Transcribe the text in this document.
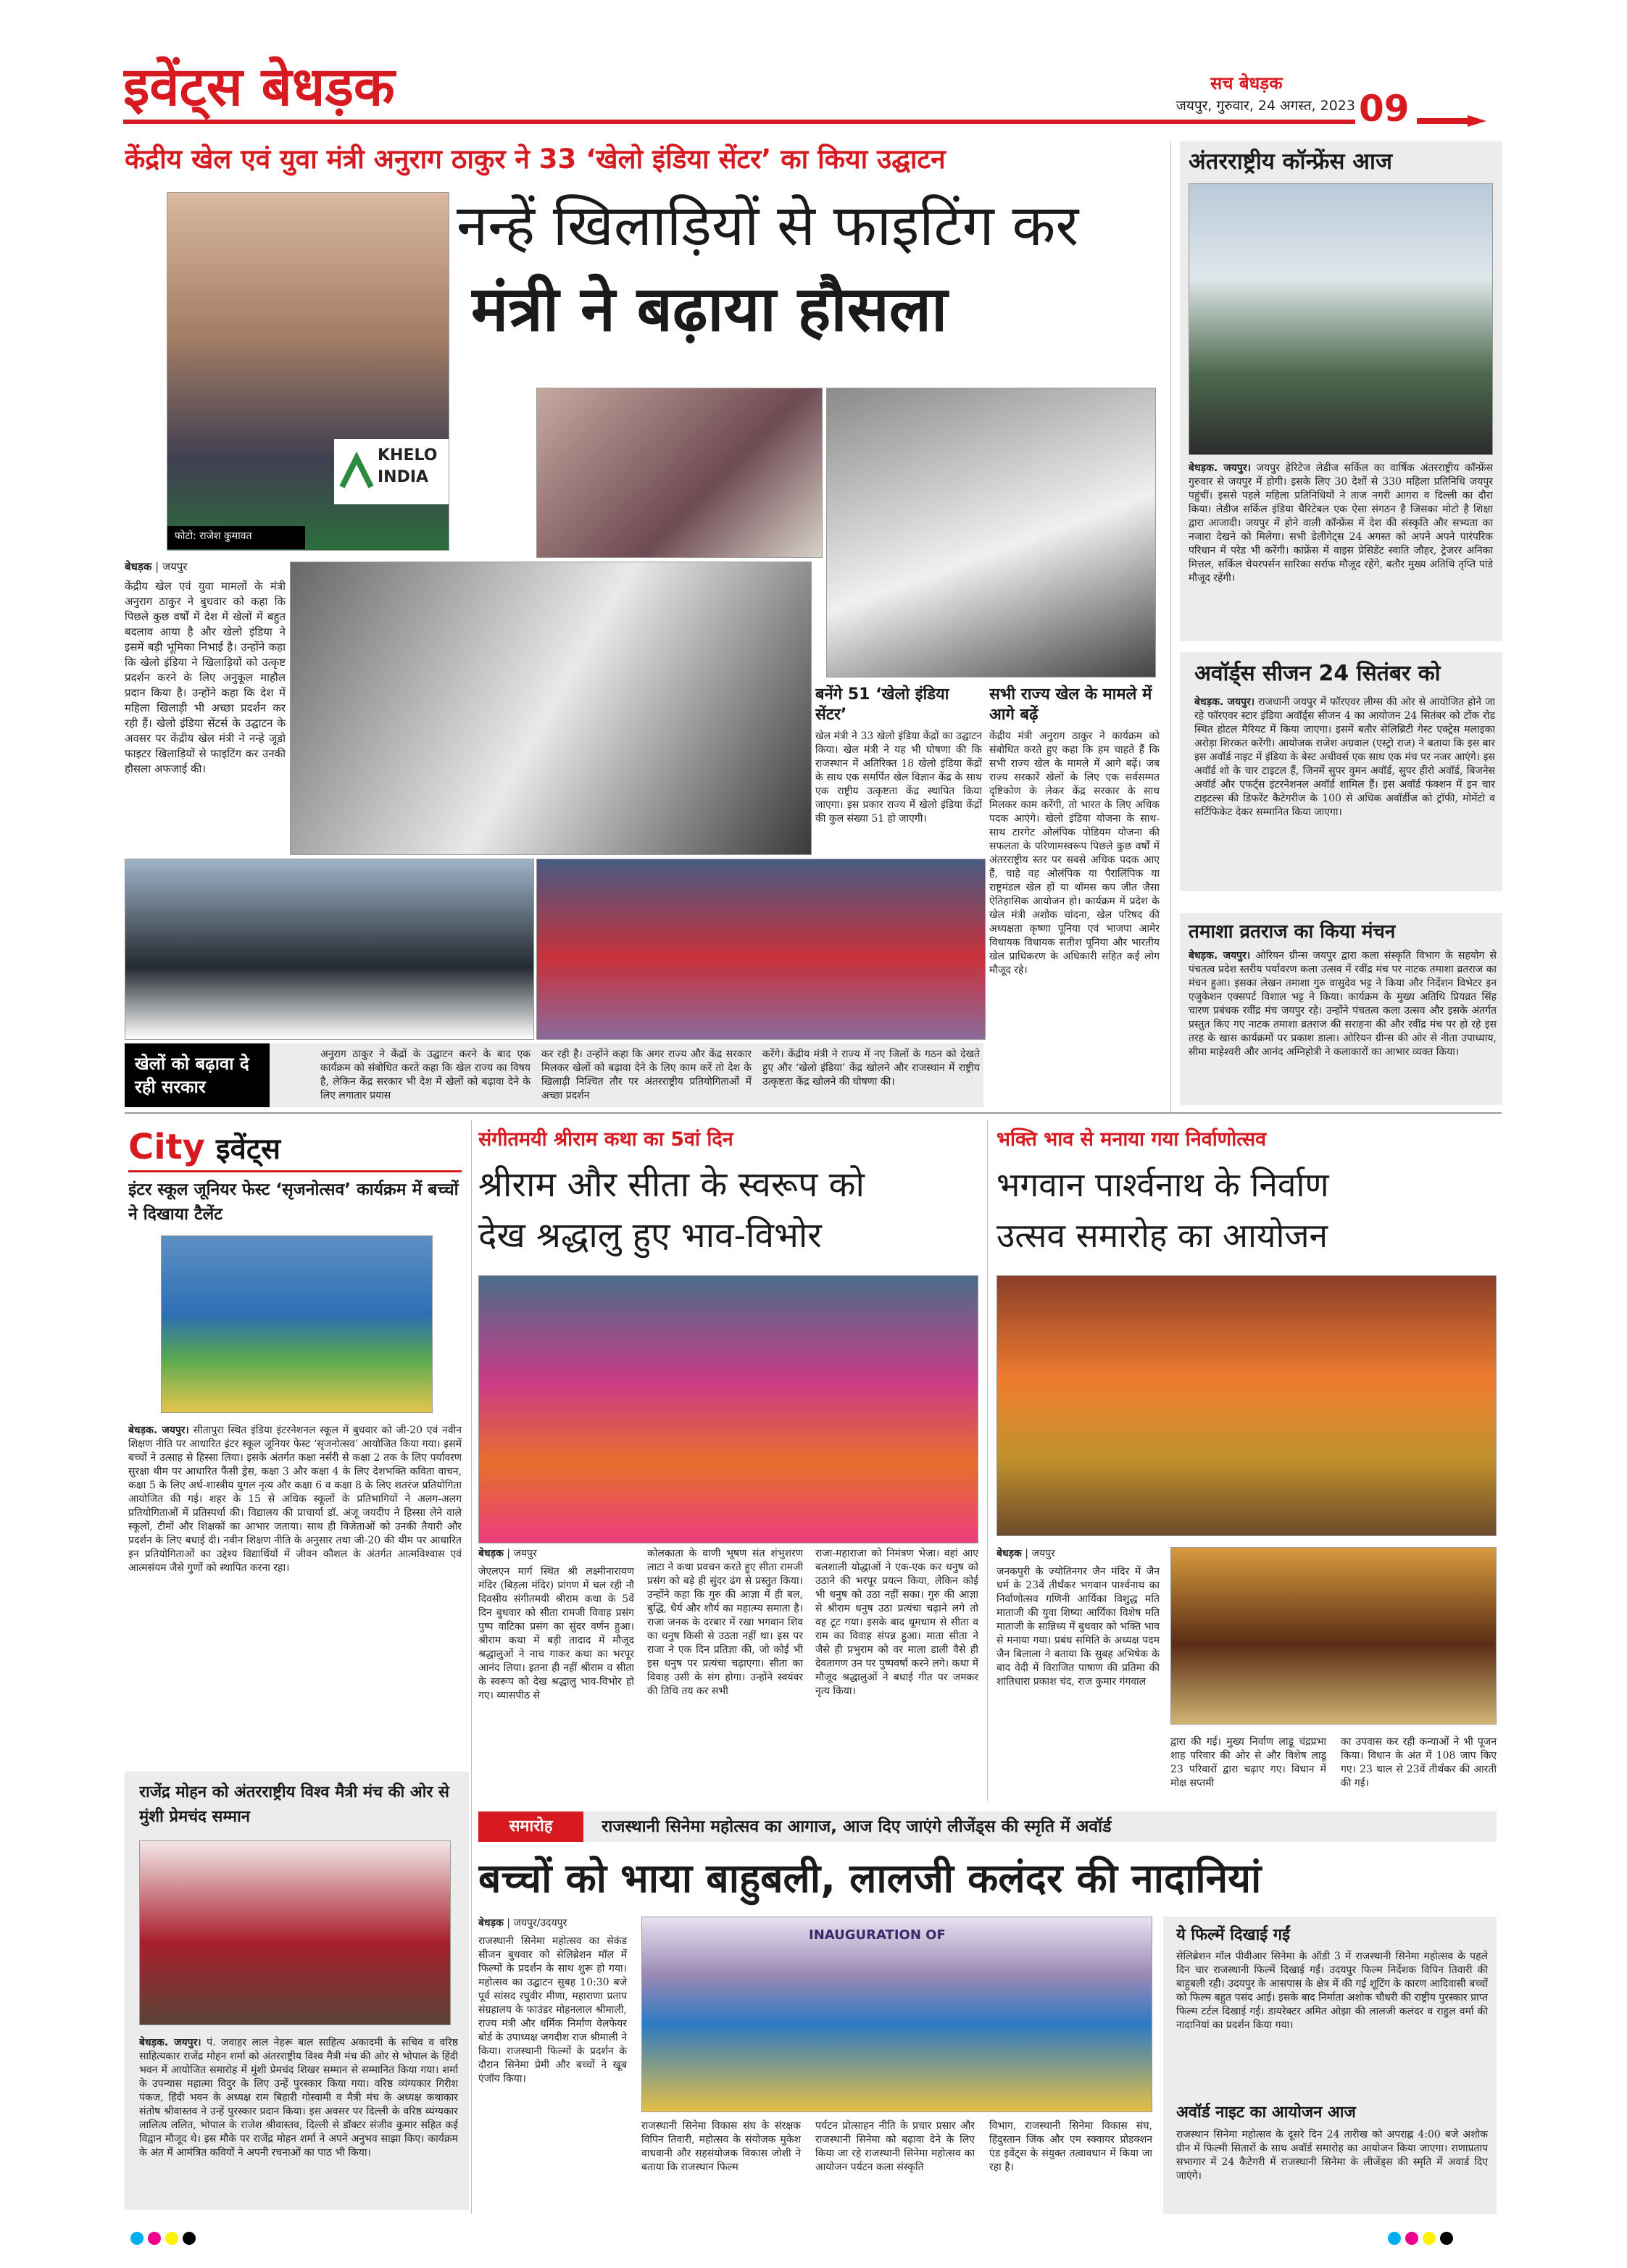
इवेंट्स बेधड़क	सच बेधड़क
जयपुर, गुरुवार, 24 अगस्त, 2023 09
केंद्रीय खेल एवं युवा मंत्री अनुराग ठाकुर ने 33 ‘खेलो इंडिया सेंटर’ का किया उद्घाटन
नन्हें खिलाड़ियों से फाइटिंग कर
मंत्री ने बढ़ाया हौसला
KHELO
INDIA
फोटो: राजेश कुमावत

बेधड़क | जयपुर

केंद्रीय खेल एवं युवा मामलों के मंत्री अनुराग ठाकुर ने बुधवार को कहा कि पिछले कुछ वर्षों में देश में खेलों में बहुत बदलाव आया है और खेलो इंडिया ने इसमें बड़ी भूमिका निभाई है। उन्होंने कहा कि खेलो इंडिया ने खिलाड़ियों को उत्कृष्ट प्रदर्शन करने के लिए अनुकूल माहौल प्रदान किया है। उन्होंने कहा कि देश में महिला खिलाड़ी भी अच्छा प्रदर्शन कर रही हैं। खेलो इंडिया सेंटर्स के उद्घाटन के अवसर पर केंद्रीय खेल मंत्री ने नन्हे जूडो फाइटर खिलाड़ियों से फाइटिंग कर उनकी हौसला अफजाई की।

बनेंगे 51 ‘खेलो इंडिया सेंटर’
खेल मंत्री ने 33 खेलो इंडिया केंद्रों का उद्घाटन किया। खेल मंत्री ने यह भी घोषणा की कि राजस्थान में अतिरिक्त 18 खेलो इंडिया केंद्रों के साथ एक समर्पित खेल विज्ञान केंद्र के साथ एक राष्ट्रीय उत्कृष्टता केंद्र स्थापित किया जाएगा। इस प्रकार राज्य में खेलो इंडिया केंद्रों की कुल संख्या 51 हो जाएगी।
सभी राज्य खेल के मामले में आगे बढ़ें
केंद्रीय मंत्री अनुराग ठाकुर ने कार्यक्रम को संबोधित करते हुए कहा कि हम चाहते हैं कि सभी राज्य खेल के मामले में आगे बढ़ें। जब राज्य सरकारें खेलों के लिए एक सर्वसम्मत दृष्टिकोण के लेकर केंद्र सरकार के साथ मिलकर काम करेंगी, तो भारत के लिए अधिक पदक आएंगे। खेलो इंडिया योजना के साथ-साथ टारगेट ओलंपिक पोडियम योजना की सफलता के परिणामस्वरूप पिछले कुछ वर्षों में अंतरराष्ट्रीय स्तर पर सबसे अधिक पदक आए हैं, चाहे वह ओलंपिक या पैरालिंपिक या राष्ट्रमंडल खेल हों या थॉमस कप जीत जैसा ऐतिहासिक आयोजन हो। कार्यक्रम में प्रदेश के खेल मंत्री अशोक चांदना, खेल परिषद की अध्यक्षता कृष्णा पूनिया एवं भाजपा आमेर विधायक विधायक सतीश पूनिया और भारतीय खेल प्राधिकरण के अधिकारी सहित कई लोग मौजूद रहे।
खेलों को बढ़ावा दे रही सरकार
अनुराग ठाकुर ने केंद्रों के उद्घाटन करने के बाद एक कार्यक्रम को संबोधित करते कहा कि खेल राज्य का विषय है, लेकिन केंद्र सरकार भी देश में खेलों को बढ़ावा देने के लिए लगातार प्रयास
कर रही है। उन्होंने कहा कि अगर राज्य और केंद्र सरकार मिलकर खेलों को बढ़ावा देने के लिए काम करें तो देश के खिलाड़ी निश्चित तौर पर अंतरराष्ट्रीय प्रतियोगिताओं में अच्छा प्रदर्शन
करेंगे। केंद्रीय मंत्री ने राज्य में नए जिलों के गठन को देखते हुए और ‘खेलो इंडिया’ केंद्र खोलने और राजस्थान में राष्ट्रीय उत्कृष्टता केंद्र खोलने की घोषणा की।
अंतरराष्ट्रीय कॉन्फ्रेंस आज
बेधड़क. जयपुर। जयपुर हेरिटेज लेडीज सर्किल का वार्षिक अंतरराष्ट्रीय कॉन्फ्रेंस गुरुवार से जयपुर में होगी। इसके लिए 30 देशों से 330 महिला प्रतिनिधि जयपुर पहुंचीं। इससे पहले महिला प्रतिनिधियों ने ताज नगरी आगरा व दिल्ली का दौरा किया। लेडीज सर्किल इंडिया चैरिटेबल एक ऐसा संगठन है जिसका मोटो है शिक्षा द्वारा आजादी। जयपुर में होने वाली कॉन्फ्रेंस में देश की संस्कृति और सभ्यता का नजारा देखने को मिलेगा। सभी डेलीगेट्स 24 अगस्त को अपने अपने पारंपरिक परिधान में परेड भी करेंगी। कांफ्रेंस में वाइस प्रेसिडेंट स्वाति जौहर, ट्रेजरर अनिका मित्तल, सर्किल चेयरपर्सन सारिका सर्राफ मौजूद रहेंगे, बतौर मुख्य अतिथि तृप्ति पांडे मौजूद रहेंगी।
अवॉर्ड्स सीजन 24 सितंबर को
बेधड़क. जयपुर। राजधानी जयपुर में फॉरएवर लीग्स की ओर से आयोजित होने जा रहे फॉरएवर स्टार इंडिया अवॉर्ड्स सीजन 4 का आयोजन 24 सितंबर को टोंक रोड स्थित होटल मैरियट में किया जाएगा। इसमें बतौर सेलिब्रिटी गेस्ट एक्ट्रेस मलाइका अरोड़ा शिरकत करेंगी। आयोजक राजेश अग्रवाल (एस्ट्रो राज) ने बताया कि इस बार इस अवॉर्ड नाइट में इंडिया के बेस्ट अचीवर्स एक साथ एक मंच पर नजर आएंगे। इस अवॉर्ड शो के चार टाइटल हैं, जिनमें सुपर वुमन अवॉर्ड, सुपर हीरो अवॉर्ड, बिजनेस अवॉर्ड और एफर्ट्स इंटरनेशनल अवॉर्ड शामिल हैं। इस अवॉर्ड फंक्शन में इन चार टाइटल्स की डिफरेंट कैटेगरीज के 100 से अधिक अवॉर्डीज को ट्रॉफी, मोमेंटो व सर्टिफिकेट देकर सम्मानित किया जाएगा।
तमाशा व्रतराज का किया मंचन
बेधड़क. जयपुर। ओरियन ग्रीन्स जयपुर द्वारा कला संस्कृति विभाग के सहयोग से पंचतत्व प्रदेश स्तरीय पर्यावरण कला उत्सव में रवींद्र मंच पर नाटक तमाशा व्रतराज का मंचन हुआ। इसका लेखन तमाशा गुरु वासुदेव भट्ट ने किया और निर्देशन विभेटर इन एजुकेशन एक्सपर्ट विशाल भट्ट ने किया। कार्यक्रम के मुख्य अतिथि प्रियव्रत सिंह चारण प्रबंधक रवींद्र मंच जयपुर रहे। उन्होंने पंचतत्व कला उत्सव और इसके अंतर्गत प्रस्तुत किए गए नाटक तमाशा व्रतराज की सराहना की और रवींद्र मंच पर हो रहे इस तरह के खास कार्यक्रमों पर प्रकाश डाला। ओरियन ग्रीन्स की ओर से नीता उपाध्याय, सीमा माहेश्वरी और आनंद अग्निहोत्री ने कलाकारों का आभार व्यक्त किया।
City इवेंट्स
इंटर स्कूल जूनियर फेस्ट ‘सृजनोत्सव’ कार्यक्रम में बच्चों ने दिखाया टैलेंट
बेधड़क. जयपुर। सीतापुरा स्थित इंडिया इंटरनेशनल स्कूल में बुधवार को जी-20 एवं नवीन शिक्षण नीति पर आधारित इंटर स्कूल जूनियर फेस्ट ‘सृजनोत्सव’ आयोजित किया गया। इसमें बच्चों ने उत्साह से हिस्सा लिया। इसके अंतर्गत कक्षा नर्सरी से कक्षा 2 तक के लिए पर्यावरण सुरक्षा थीम पर आधारित फैंसी ड्रेस, कक्षा 3 और कक्षा 4 के लिए देशभक्ति कविता वाचन, कक्षा 5 के लिए अर्ध-शास्त्रीय युगल नृत्य और कक्षा 6 व कक्षा 8 के लिए शतरंज प्रतियोगिता आयोजित की गई। शहर के 15 से अधिक स्कूलों के प्रतिभागियों ने अलग-अलग प्रतियोगिताओं में प्रतिस्पर्धा की। विद्यालय की प्राचार्या डॉ. अंजू जयदीप ने हिस्सा लेने वाले स्कूलों, टीमों और शिक्षकों का आभार जताया। साथ ही विजेताओं को उनकी तैयारी और प्रदर्शन के लिए बधाई दी। नवीन शिक्षण नीति के अनुसार तथा जी-20 की थीम पर आधारित इन प्रतियोगिताओं का उद्देश्य विद्यार्थियों में जीवन कौशल के अंतर्गत आत्मविश्वास एवं आत्मसंयम जैसे गुणों को स्थापित करना रहा।
राजेंद्र मोहन को अंतरराष्ट्रीय विश्व मैत्री मंच की ओर से मुंशी प्रेमचंद सम्मान
बेधड़क. जयपुर। पं. जवाहर लाल नेहरू बाल साहित्य अकादमी के सचिव व वरिष्ठ साहित्यकार राजेंद्र मोहन शर्मा को अंतरराष्ट्रीय विश्व मैत्री मंच की ओर से भोपाल के हिंदी भवन में आयोजित समारोह में मुंशी प्रेमचंद शिखर सम्मान से सम्मानित किया गया। शर्मा के उपन्यास महात्मा विदुर के लिए उन्हें पुरस्कार किया गया। वरिष्ठ व्यंग्यकार गिरीश पंकज, हिंदी भवन के अध्यक्ष राम बिहारी गोस्वामी व मैत्री मंच के अध्यक्ष कथाकार संतोष श्रीवास्तव ने उन्हें पुरस्कार प्रदान किया। इस अवसर पर दिल्ली के वरिष्ठ व्यंग्यकार लालित्य ललित, भोपाल के राजेश श्रीवास्तव, दिल्ली से डॉक्टर संजीव कुमार सहित कई विद्वान मौजूद थे। इस मौके पर राजेंद्र मोहन शर्मा ने अपने अनुभव साझा किए। कार्यक्रम के अंत में आमंत्रित कवियों ने अपनी रचनाओं का पाठ भी किया।
संगीतमयी श्रीराम कथा का 5वां दिन
श्रीराम और सीता के स्वरूप को
देख श्रद्धालु हुए भाव-विभोर

बेधड़क | जयपुर

जेएलएन मार्ग स्थित श्री लक्ष्मीनारायण मंदिर (बिड़ला मंदिर) प्रांगण में चल रही नौ दिवसीय संगीतमयी श्रीराम कथा के 5वें दिन बुधवार को सीता रामजी विवाह प्रसंग पुष्प वाटिका प्रसंग का सुंदर वर्णन हुआ। श्रीराम कथा में बड़ी तादाद में मौजूद श्रद्धालुओं ने नाच गाकर कथा का भरपूर आनंद लिया। इतना ही नहीं श्रीराम व सीता के स्वरूप को देख श्रद्धालु भाव-विभोर हो गए। व्यासपीठ से

कोलकाता के वाणी भूषण संत शंभुशरण लाटा ने कथा प्रवचन करते हुए सीता रामजी प्रसंग को बड़े ही सुंदर ढंग से प्रस्तुत किया। उन्होंने कहा कि गुरु की आज्ञा में ही बल, बुद्धि, धैर्य और शौर्य का महात्म्य समाता है। राजा जनक के दरबार में रखा भगवान शिव का धनुष किसी से उठता नहीं था। इस पर राजा ने एक दिन प्रतिज्ञा की, जो कोई भी इस धनुष पर प्रत्यंचा चढ़ाएगा। सीता का विवाह उसी के संग होगा। उन्होंने स्वयंवर की तिथि तय कर सभी
राजा-महाराजा को निमंत्रण भेजा। वहां आए बलशाली योद्धाओं ने एक-एक कर धनुष को उठाने की भरपूर प्रयत्न किया, लेकिन कोई भी धनुष को उठा नहीं सका। गुरु की आज्ञा से श्रीराम धनुष उठा प्रत्यंचा चढ़ाने लगे तो वह टूट गया। इसके बाद धूमधाम से सीता व राम का विवाह संपन्न हुआ। माता सीता ने जैसे ही प्रभुराम को वर माला डाली वैसे ही देवतागण उन पर पुष्पवर्षा करने लगे। कथा में मौजूद श्रद्धालुओं ने बधाई गीत पर जमकर नृत्य किया।
भक्ति भाव से मनाया गया निर्वाणोत्सव
भगवान पार्श्वनाथ के निर्वाण
उत्सव समारोह का आयोजन

बेधड़क | जयपुर

जनकपुरी के ज्योतिनगर जैन मंदिर में जैन धर्म के 23वें तीर्थंकर भगवान पार्श्वनाथ का निर्वाणोत्सव गणिनी आर्यिका विशुद्ध मति माताजी की युवा शिष्या आर्यिका विशेष मति माताजी के सान्निध्य में बुधवार को भक्ति भाव से मनाया गया। प्रबंध समिति के अध्यक्ष पदम जैन बिलाला ने बताया कि सुबह अभिषेक के बाद वेदी में विराजित पाषाण की प्रतिमा की शांतिधारा प्रकाश चंद, राज कुमार गंगवाल

द्वारा की गई। मुख्य निर्वाण लाडू चंद्रप्रभा शाह परिवार की ओर से और विशेष लाडू 23 परिवारों द्वारा चढ़ाए गए। विधान में मोक्ष सप्तमी
का उपवास कर रही कन्याओं ने भी पूजन किया। विधान के अंत में 108 जाप किए गए। 23 थाल से 23वें तीर्थंकर की आरती की गई।
समारोह	राजस्थानी सिनेमा महोत्सव का आगाज, आज दिए जाएंगे लीजेंड्स की स्मृति में अवॉर्ड
बच्चों को भाया बाहुबली, लालजी कलंदर की नादानियां

बेधड़क | जयपुर/उदयपुर

राजस्थानी सिनेमा महोत्सव का सेकंड सीजन बुधवार को सेलिब्रेशन मॉल में फिल्मों के प्रदर्शन के साथ शुरू हो गया। महोत्सव का उद्घाटन सुबह 10:30 बजे पूर्व सांसद रघुवीर मीणा, महाराणा प्रताप संग्रहालय के फाउंडर मोहनलाल श्रीमाली, राज्य मंत्री और धर्मिक निर्माण वेलफेयर बोर्ड के उपाध्यक्ष जगदीश राज श्रीमाली ने किया। राजस्थानी फिल्मों के प्रदर्शन के दौरान सिनेमा प्रेमी और बच्चों ने खूब एंजॉय किया।

INAUGURATION OF
राजस्थानी सिनेमा विकास संघ के संरक्षक विपिन तिवारी, महोत्सव के संयोजक मुकेश वाधवानी और सहसंयोजक विकास जोशी ने बताया कि राजस्थान फिल्म
पर्यटन प्रोत्साहन नीति के प्रचार प्रसार और राजस्थानी सिनेमा को बढ़ावा देने के लिए किया जा रहे राजस्थानी सिनेमा महोत्सव का आयोजन पर्यटन कला संस्कृति
विभाग, राजस्थानी सिनेमा विकास संघ, हिंदुस्तान जिंक और एम स्क्वायर प्रोडक्शन एंड इवेंट्स के संयुक्त तत्वावधान में किया जा रहा है।
ये फिल्में दिखाई गईं
सेलिब्रेशन मॉल पीवीआर सिनेमा के ऑडी 3 में राजस्थानी सिनेमा महोत्सव के पहले दिन चार राजस्थानी फिल्में दिखाई गईं। उदयपुर फिल्म निर्देशक विपिन तिवारी की बाहुबली रही। उदयपुर के आसपास के क्षेत्र में की गई शूटिंग के कारण आदिवासी बच्चों को फिल्म बहुत पसंद आई। इसके बाद निर्माता अशोक चौधरी की राष्ट्रीय पुरस्कार प्राप्त फिल्म टर्टल दिखाई गई। डायरेक्टर अमित ओझा की लालजी कलंदर व राहुल वर्मा की नादानियां का प्रदर्शन किया गया।
अवॉर्ड नाइट का आयोजन आज
राजस्थान सिनेमा महोत्सव के दूसरे दिन 24 तारीख को अपराह्न 4:00 बजे अशोक ग्रीन में फिल्मी सितारों के साथ अवॉर्ड समारोह का आयोजन किया जाएगा। राणाप्रताप सभागार में 24 कैटेगरी में राजस्थानी सिनेमा के लीजेंड्स की स्मृति में अवार्ड दिए जाएंगे।
